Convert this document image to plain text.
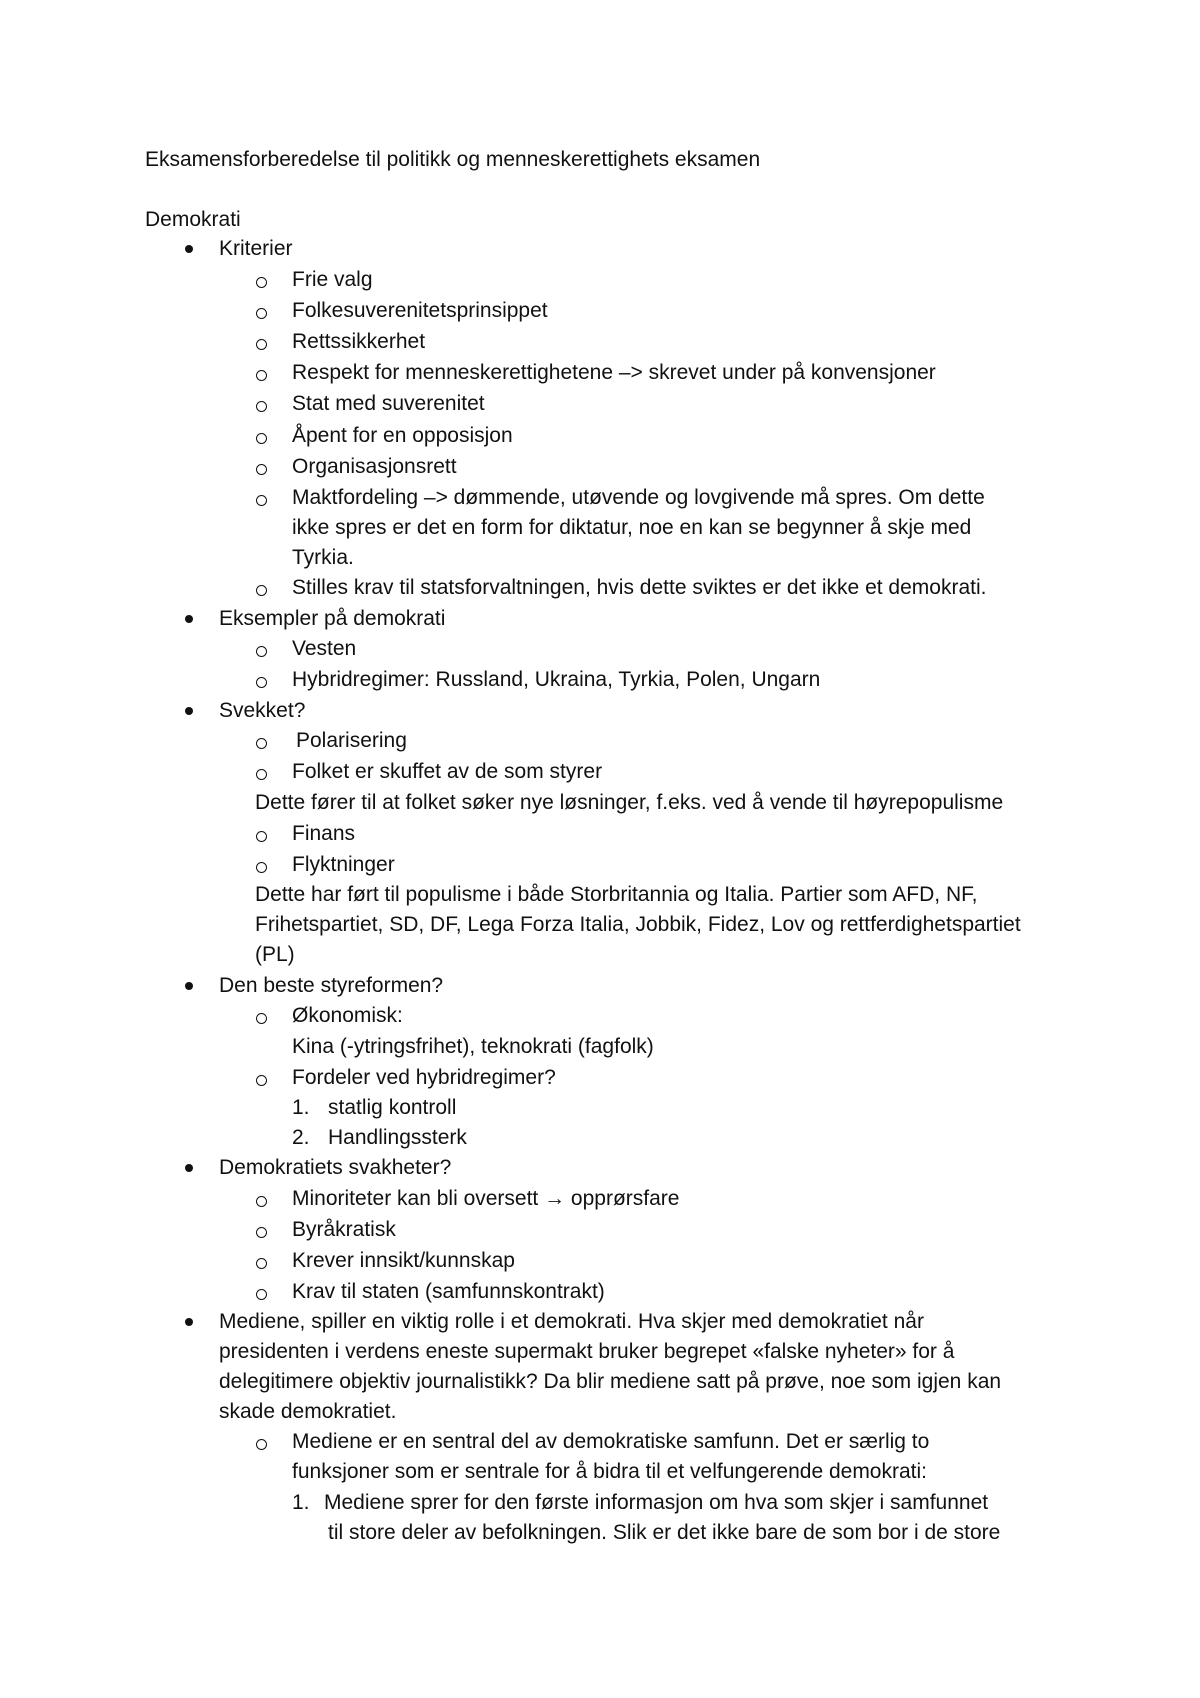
Eksamensforberedelse til politikk og menneskerettighets eksamen
Demokrati
Kriterier
Frie valg
Folkesuverenitetsprinsippet
Rettssikkerhet
Respekt for menneskerettighetene –> skrevet under på konvensjoner
Stat med suverenitet
Åpent for en opposisjon
Organisasjonsrett
Maktfordeling –> dømmende, utøvende og lovgivende må spres. Om dette
ikke spres er det en form for diktatur, noe en kan se begynner å skje med
Tyrkia.
Stilles krav til statsforvaltningen, hvis dette sviktes er det ikke et demokrati.
Eksempler på demokrati
Vesten
Hybridregimer: Russland, Ukraina, Tyrkia, Polen, Ungarn
Svekket?
Polarisering
Folket er skuffet av de som styrer
Dette fører til at folket søker nye løsninger, f.eks. ved å vende til høyrepopulisme
Finans
Flyktninger
Dette har ført til populisme i både Storbritannia og Italia. Partier som AFD, NF,
Frihetspartiet, SD, DF, Lega Forza Italia, Jobbik, Fidez, Lov og rettferdighetspartiet
(PL)
Den beste styreformen?
Økonomisk:
Kina (-ytringsfrihet), teknokrati (fagfolk)
Fordeler ved hybridregimer?
1. statlig kontroll
2. Handlingssterk
Demokratiets svakheter?
Minoriteter kan bli oversett → opprørsfare
Byråkratisk
Krever innsikt/kunnskap
Krav til staten (samfunnskontrakt)
Mediene, spiller en viktig rolle i et demokrati. Hva skjer med demokratiet når
presidenten i verdens eneste supermakt bruker begrepet «falske nyheter» for å
delegitimere objektiv journalistikk? Da blir mediene satt på prøve, noe som igjen kan
skade demokratiet.
Mediene er en sentral del av demokratiske samfunn. Det er særlig to
funksjoner som er sentrale for å bidra til et velfungerende demokrati:
1. Mediene sprer for den første informasjon om hva som skjer i samfunnet
til store deler av befolkningen. Slik er det ikke bare de som bor i de store
